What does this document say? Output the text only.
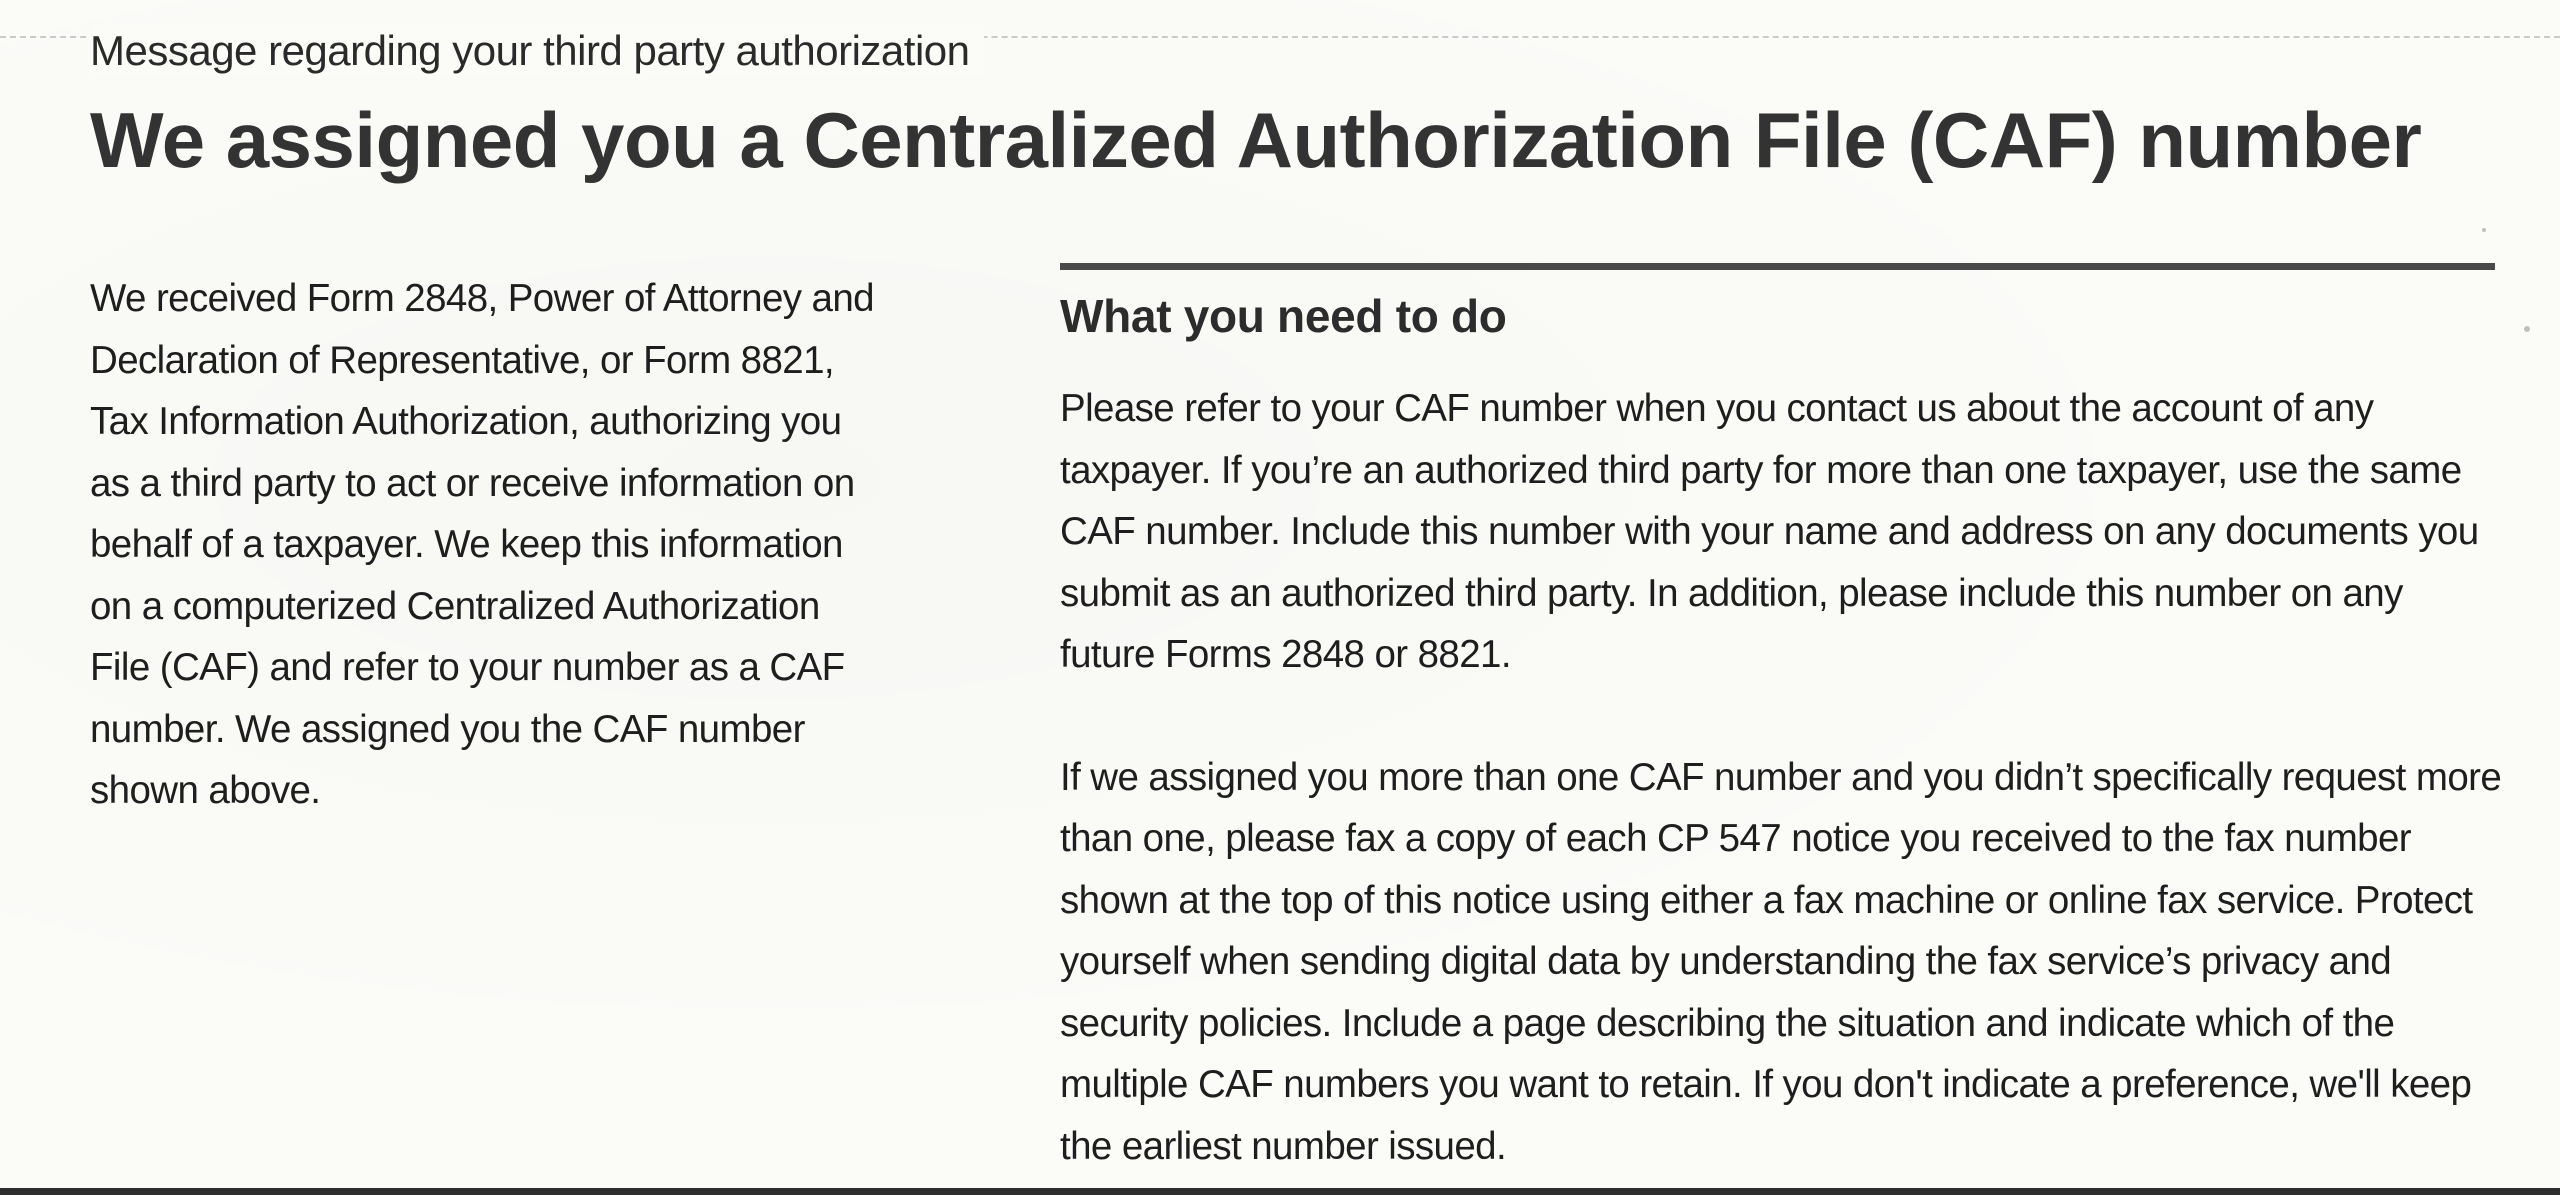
Message regarding your third party authorization
We assigned you a Centralized Authorization File (CAF) number
We received Form 2848, Power of Attorney and
Declaration of Representative, or Form 8821,
Tax Information Authorization, authorizing you
as a third party to act or receive information on
behalf of a taxpayer. We keep this information
on a computerized Centralized Authorization
File (CAF) and refer to your number as a CAF
number. We assigned you the CAF number
shown above.
What you need to do
Please refer to your CAF number when you contact us about the account of any
taxpayer. If you’re an authorized third party for more than one taxpayer, use the same
CAF number. Include this number with your name and address on any documents you
submit as an authorized third party. In addition, please include this number on any
future Forms 2848 or 8821.
If we assigned you more than one CAF number and you didn’t specifically request more
than one, please fax a copy of each CP 547 notice you received to the fax number
shown at the top of this notice using either a fax machine or online fax service. Protect
yourself when sending digital data by understanding the fax service’s privacy and
security policies. Include a page describing the situation and indicate which of the
multiple CAF numbers you want to retain. If you don't indicate a preference, we'll keep
the earliest number issued.
